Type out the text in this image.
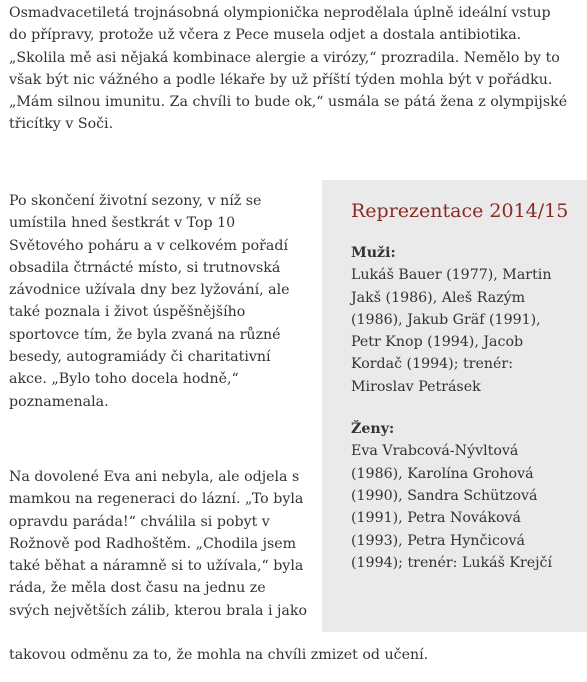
Osmadvacetiletá trojnásobná olympionička neprodělala úplně ideální vstup do přípravy, protože už včera z Pece musela odjet a dostala antibiotika. „Skolila mě asi nějaká kombinace alergie a virózy,“ prozradila. Nemělo by to však být nic vážného a podle lékaře by už příští týden mohla být v pořádku. „Mám silnou imunitu. Za chvíli to bude ok,“ usmála se pátá žena z olympijské třicítky v Soči.

Po skončení životní sezony, v níž se umístila hned šestkrát v Top 10 Světového poháru a v celkovém pořadí obsadila čtrnácté místo, si trutnovská závodnice užívala dny bez lyžování, ale také poznala i život úspěšnějšího sportovce tím, že byla zvaná na různé besedy, autogramiády či charitativní akce. „Bylo toho docela hodně,“ poznamenala.

Na dovolené Eva ani nebyla, ale odjela s mamkou na regeneraci do lázní. „To byla opravdu paráda!“ chválila si pobyt v Rožnově pod Radhoštěm. „Chodila jsem také běhat a náramně si to užívala,“ byla ráda, že měla dost času na jednu ze svých největších zálib, kterou brala i jako

takovou odměnu za to, že mohla na chvíli zmizet od učení.
Reprezentace 2014/15

Muži:

Lukáš Bauer (1977), Martin Jakš (1986), Aleš Razým (1986), Jakub Gräf (1991), Petr Knop (1994), Jacob Kordač (1994); trenér: Miroslav Petrásek

Ženy:

Eva Vrabcová-Nývltová (1986), Karolína Grohová (1990), Sandra Schützová (1991), Petra Nováková (1993), Petra Hynčicová (1994); trenér: Lukáš Krejčí
